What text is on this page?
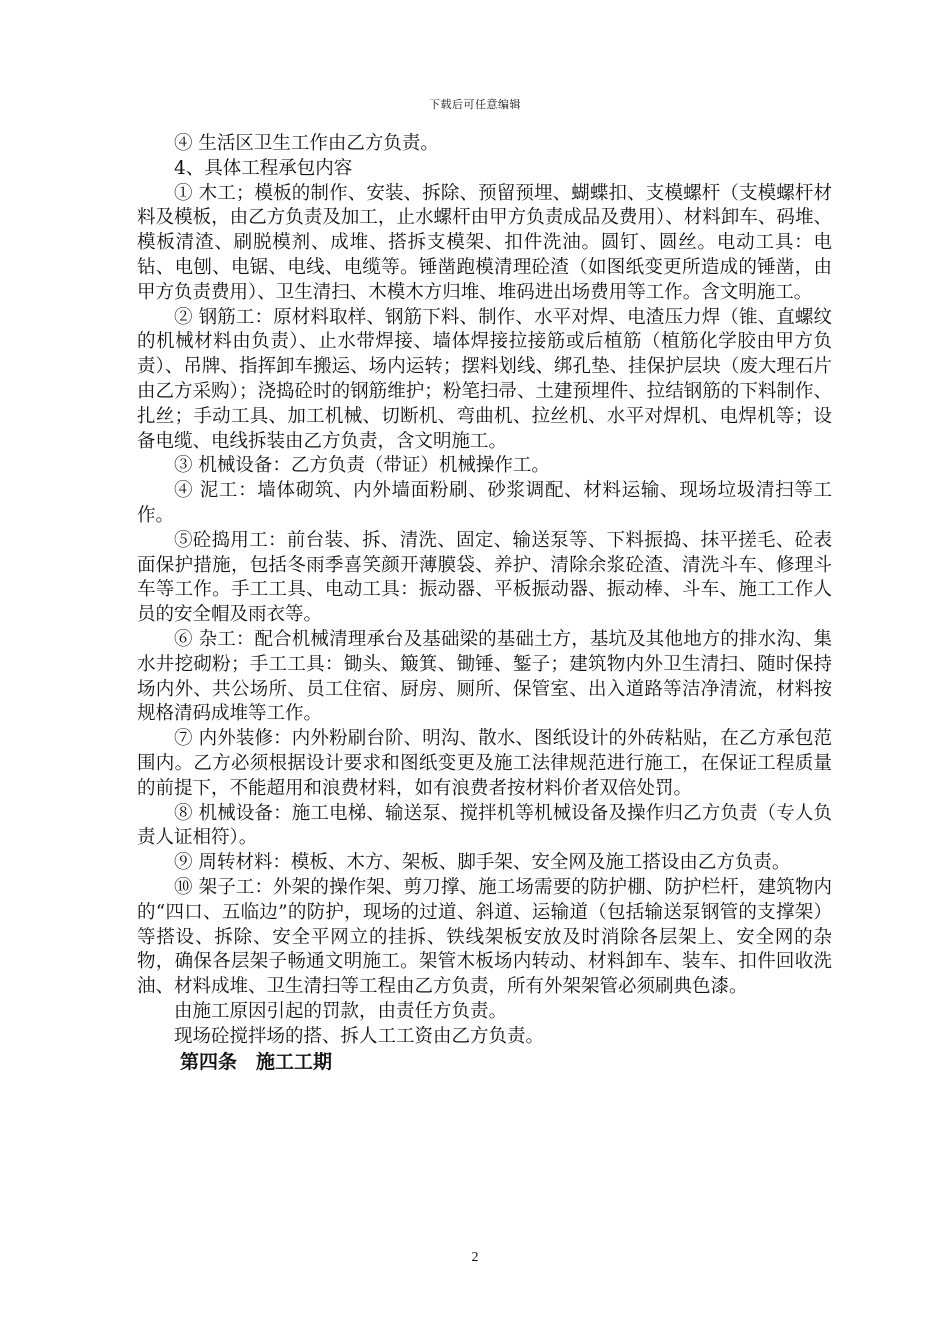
下载后可任意编辑

④ 生活区卫生工作由乙方负责。

4、具体工程承包内容

① 木工；模板的制作、安装、拆除、预留预埋、蝴蝶扣、支模螺杆（支模螺杆材料及模板，由乙方负责及加工，止水螺杆由甲方负责成品及费用）、材料卸车、码堆、模板清渣、刷脱模剂、成堆、搭拆支模架、扣件洗油。圆钉、圆丝。电动工具：电钻、电刨、电锯、电线、电缆等。锤凿跑模清理砼渣（如图纸变更所造成的锤凿，由甲方负责费用）、卫生清扫、木模木方归堆、堆码进出场费用等工作。含文明施工。

② 钢筋工：原材料取样、钢筋下料、制作、水平对焊、电渣压力焊（锥、直螺纹的机械材料由负责）、止水带焊接、墙体焊接拉接筋或后植筋（植筋化学胶由甲方负责）、吊牌、指挥卸车搬运、场内运转；摆料划线、绑孔垫、挂保护层块（废大理石片由乙方采购）；浇捣砼时的钢筋维护；粉笔扫帚、土建预埋件、拉结钢筋的下料制作、扎丝；手动工具、加工机械、切断机、弯曲机、拉丝机、水平对焊机、电焊机等；设备电缆、电线拆装由乙方负责，含文明施工。

③ 机械设备：乙方负责（带证）机械操作工。

④ 泥工：墙体砌筑、内外墙面粉刷、砂浆调配、材料运输、现场垃圾清扫等工作。

⑤砼捣用工：前台装、拆、清洗、固定、输送泵等、下料振捣、抹平搓毛、砼表面保护措施，包括冬雨季喜笑颜开薄膜袋、养护、清除余浆砼渣、清洗斗车、修理斗车等工作。手工工具、电动工具：振动器、平板振动器、振动棒、斗车、施工工作人员的安全帽及雨衣等。

⑥ 杂工：配合机械清理承台及基础梁的基础土方，基坑及其他地方的排水沟、集水井挖砌粉；手工工具：锄头、簸箕、锄锤、錾子；建筑物内外卫生清扫、随时保持场内外、共公场所、员工住宿、厨房、厕所、保管室、出入道路等洁净清流，材料按规格清码成堆等工作。

⑦ 内外装修：内外粉刷台阶、明沟、散水、图纸设计的外砖粘贴，在乙方承包范围内。乙方必须根据设计要求和图纸变更及施工法律规范进行施工，在保证工程质量的前提下，不能超用和浪费材料，如有浪费者按材料价者双倍处罚。

⑧ 机械设备：施工电梯、输送泵、搅拌机等机械设备及操作归乙方负责（专人负责人证相符）。

⑨ 周转材料：模板、木方、架板、脚手架、安全网及施工搭设由乙方负责。

⑩ 架子工：外架的操作架、剪刀撑、施工场需要的防护棚、防护栏杆，建筑物内的“四口、五临边”的防护，现场的过道、斜道、运输道（包括输送泵钢管的支撑架）等搭设、拆除、安全平网立的挂拆、铁线架板安放及时消除各层架上、安全网的杂物，确保各层架子畅通文明施工。架管木板场内转动、材料卸车、装车、扣件回收洗油、材料成堆、卫生清扫等工程由乙方负责，所有外架架管必须刷典色漆。

由施工原因引起的罚款，由责任方负责。

现场砼搅拌场的搭、拆人工工资由乙方负责。

第四条　施工工期

2
